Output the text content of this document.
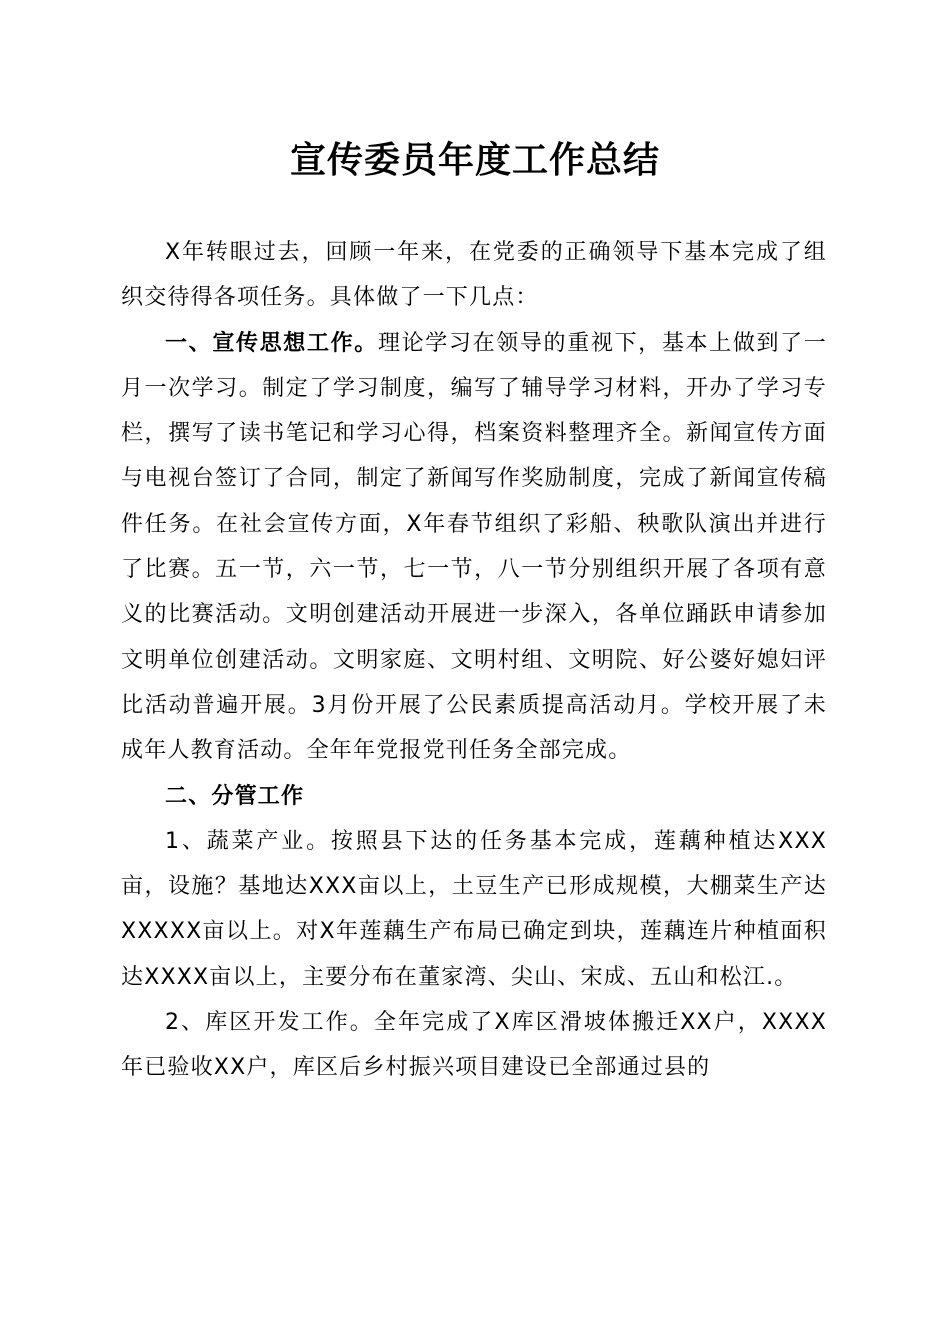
宣传委员年度工作总结

X年转眼过去，回顾一年来，在党委的正确领导下基本完成了组织交待得各项任务。具体做了一下几点：

一、宣传思想工作。理论学习在领导的重视下，基本上做到了一月一次学习。制定了学习制度，编写了辅导学习材料，开办了学习专栏，撰写了读书笔记和学习心得，档案资料整理齐全。新闻宣传方面与电视台签订了合同，制定了新闻写作奖励制度，完成了新闻宣传稿件任务。在社会宣传方面，X年春节组织了彩船、秧歌队演出并进行了比赛。五一节，六一节，七一节，八一节分别组织开展了各项有意义的比赛活动。文明创建活动开展进一步深入，各单位踊跃申请参加文明单位创建活动。文明家庭、文明村组、文明院、好公婆好媳妇评比活动普遍开展。3月份开展了公民素质提高活动月。学校开展了未成年人教育活动。全年年党报党刊任务全部完成。

二、分管工作

1、蔬菜产业。按照县下达的任务基本完成，莲藕种植达XXX亩，设施？基地达XXX亩以上，土豆生产已形成规模，大棚菜生产达XXXXX亩以上。对X年莲藕生产布局已确定到块，莲藕连片种植面积达XXXX亩以上，主要分布在董家湾、尖山、宋成、五山和松江.。

2、库区开发工作。全年完成了X库区滑坡体搬迁XX户，XXXX年已验收XX户，库区后乡村振兴项目建设已全部通过县的
